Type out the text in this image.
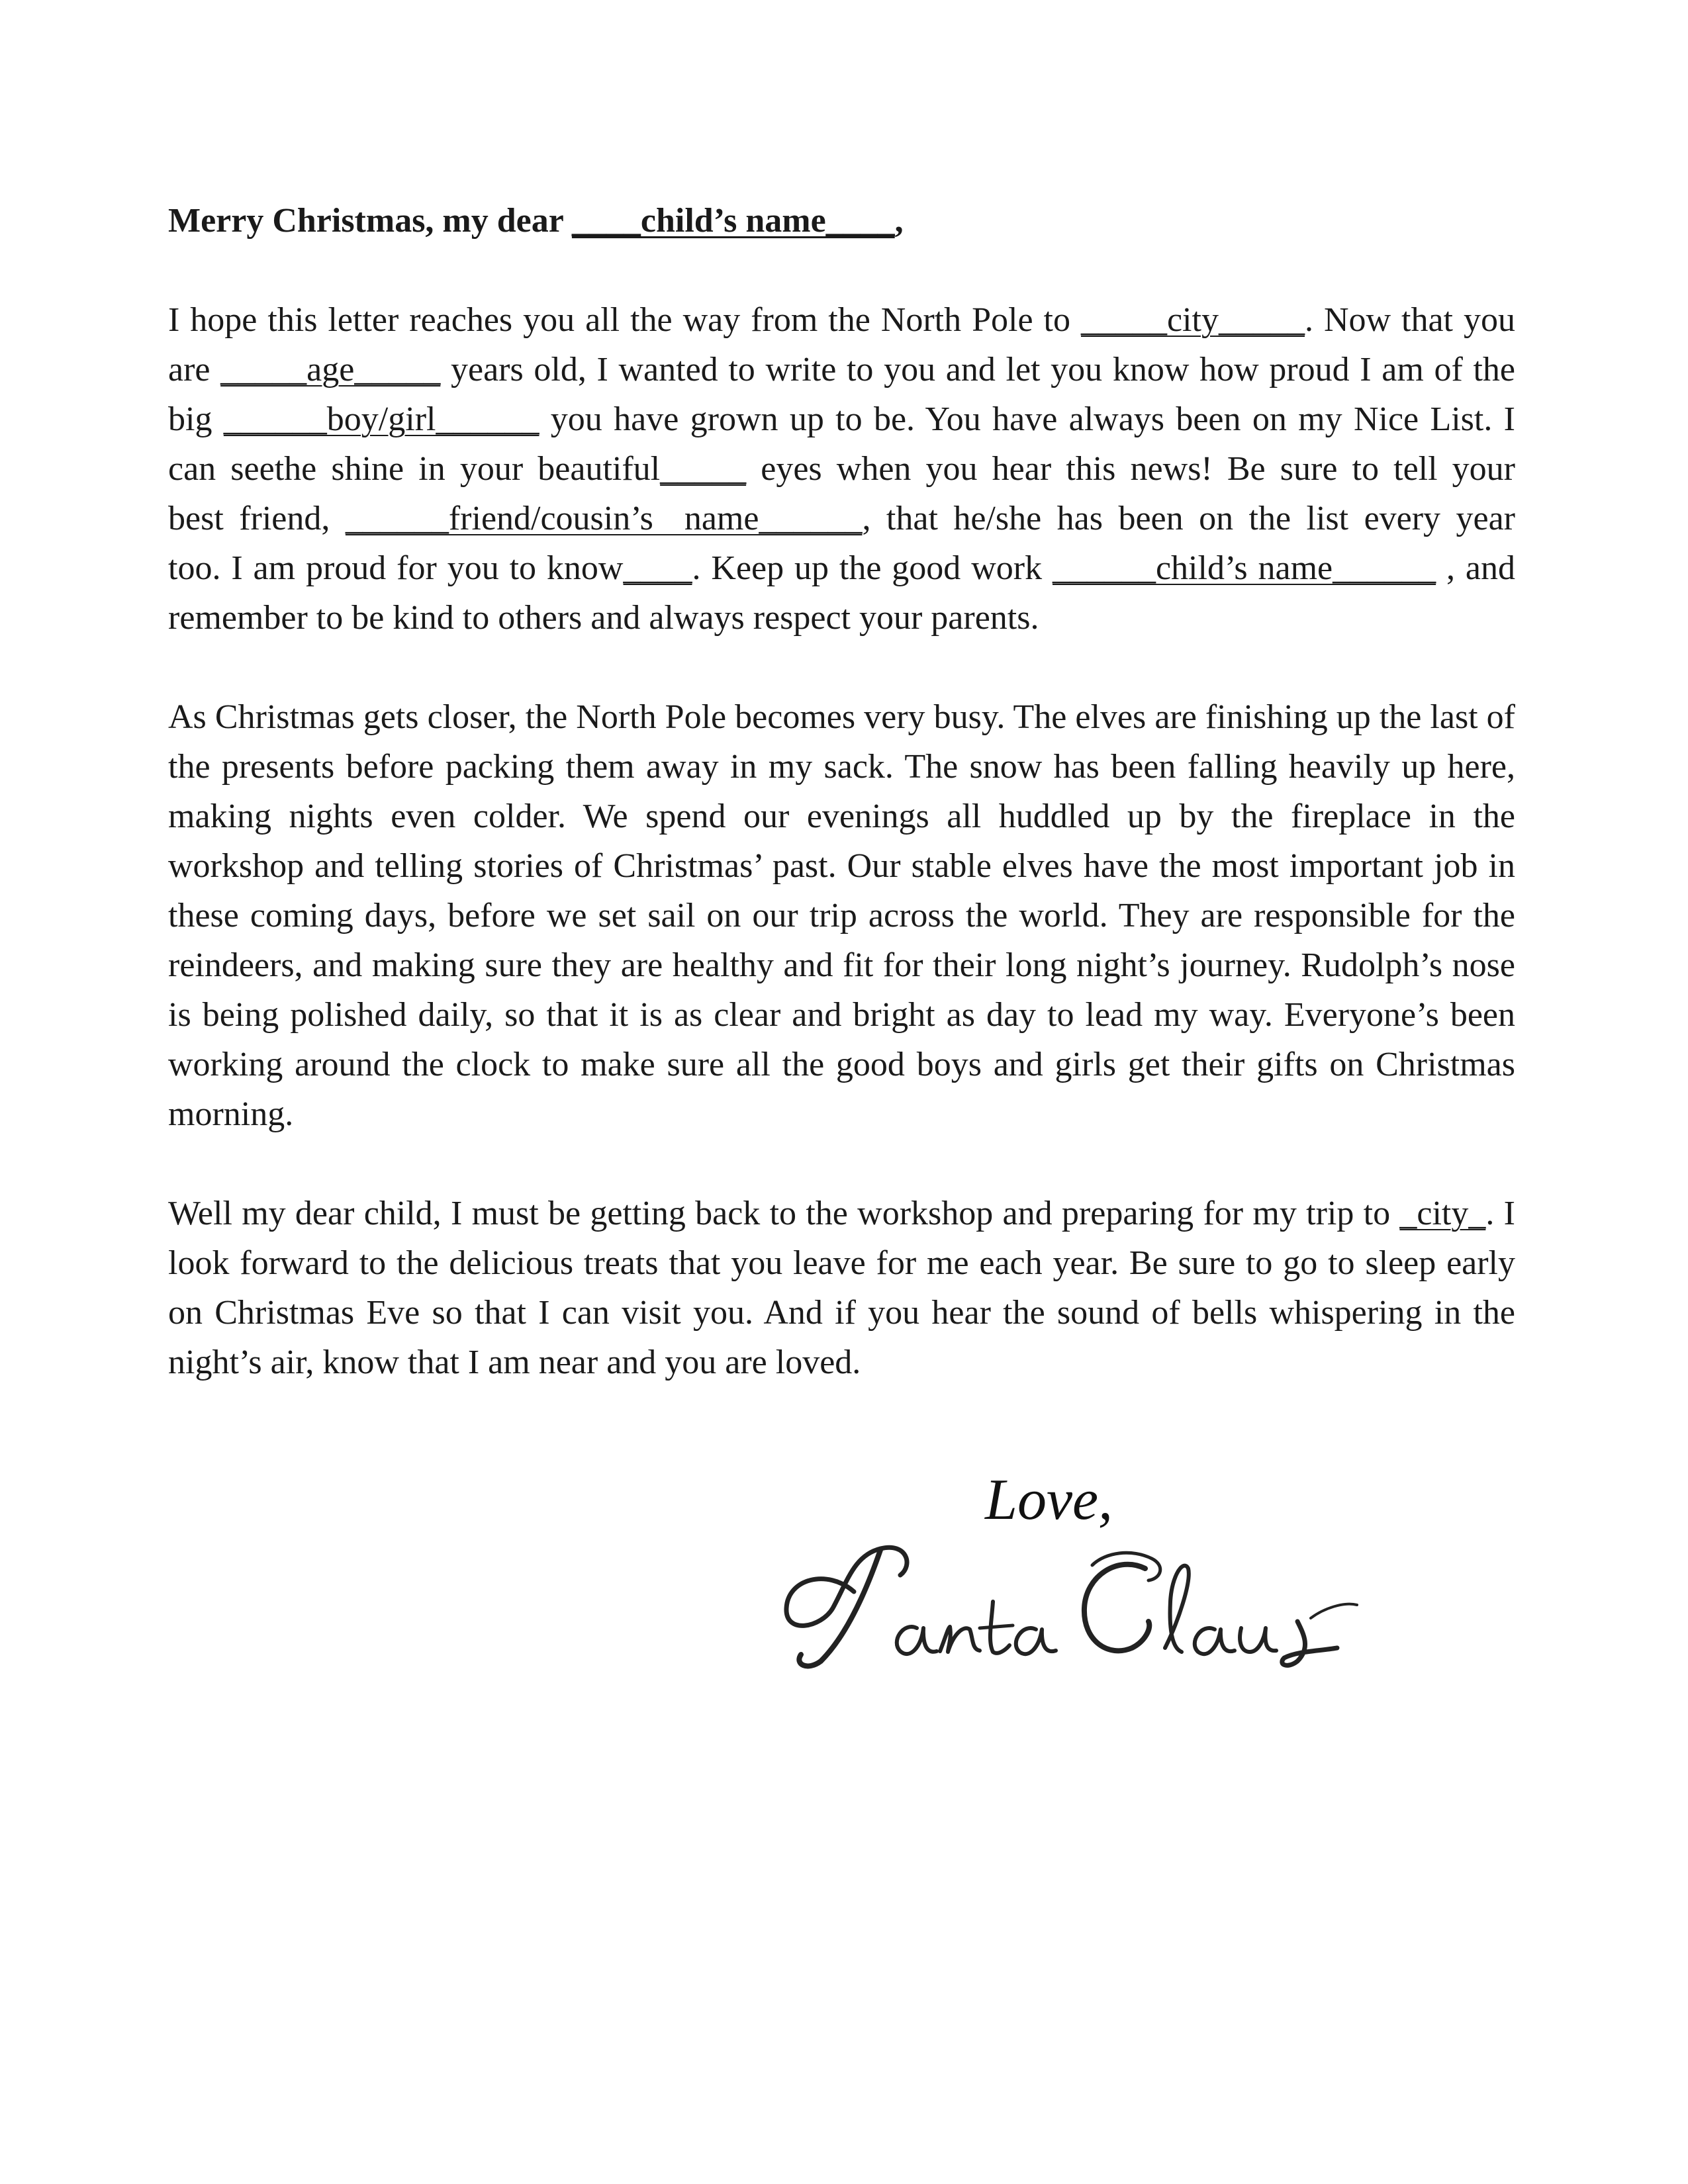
Merry Christmas, my dear ____child’s name____,

I hope this letter reaches you all the way from the North Pole to _____city_____. Now that you
are _____age_____ years old, I wanted to write to you and let you know how proud I am of the
big ______boy/girl______ you have grown up to be. You have always been on my Nice List. I
can seethe shine in your beautiful_____ eyes when you hear this news! Be sure to tell your
best friend, ______friend/cousin’s  name______, that he/she has been on the list every year
too. I am proud for you to know____. Keep up the good work ______child’s name______ , and
remember to be kind to others and always respect your parents.

As Christmas gets closer, the North Pole becomes very busy. The elves are finishing up the last of the presents before packing them away in my sack. The snow has been falling heavily up here, making nights even colder. We spend our evenings all huddled up by the fireplace in the workshop and telling stories of Christmas’ past. Our stable elves have the most important job in these coming days, before we set sail on our trip across the world. They are responsible for the reindeers, and making sure they are healthy and fit for their long night’s journey. Rudolph’s nose is being polished daily, so that it is as clear and bright as day to lead my way. Everyone’s been working around the clock to make sure all the good boys and girls get their gifts on Christmas morning.

Well my dear child, I must be getting back to the workshop and preparing for my trip to _city_. I look forward to the delicious treats that you leave for me each year. Be sure to go to sleep early on Christmas Eve so that I can visit you. And if you hear the sound of bells whispering in the night’s air, know that I am near and you are loved.

Love,
